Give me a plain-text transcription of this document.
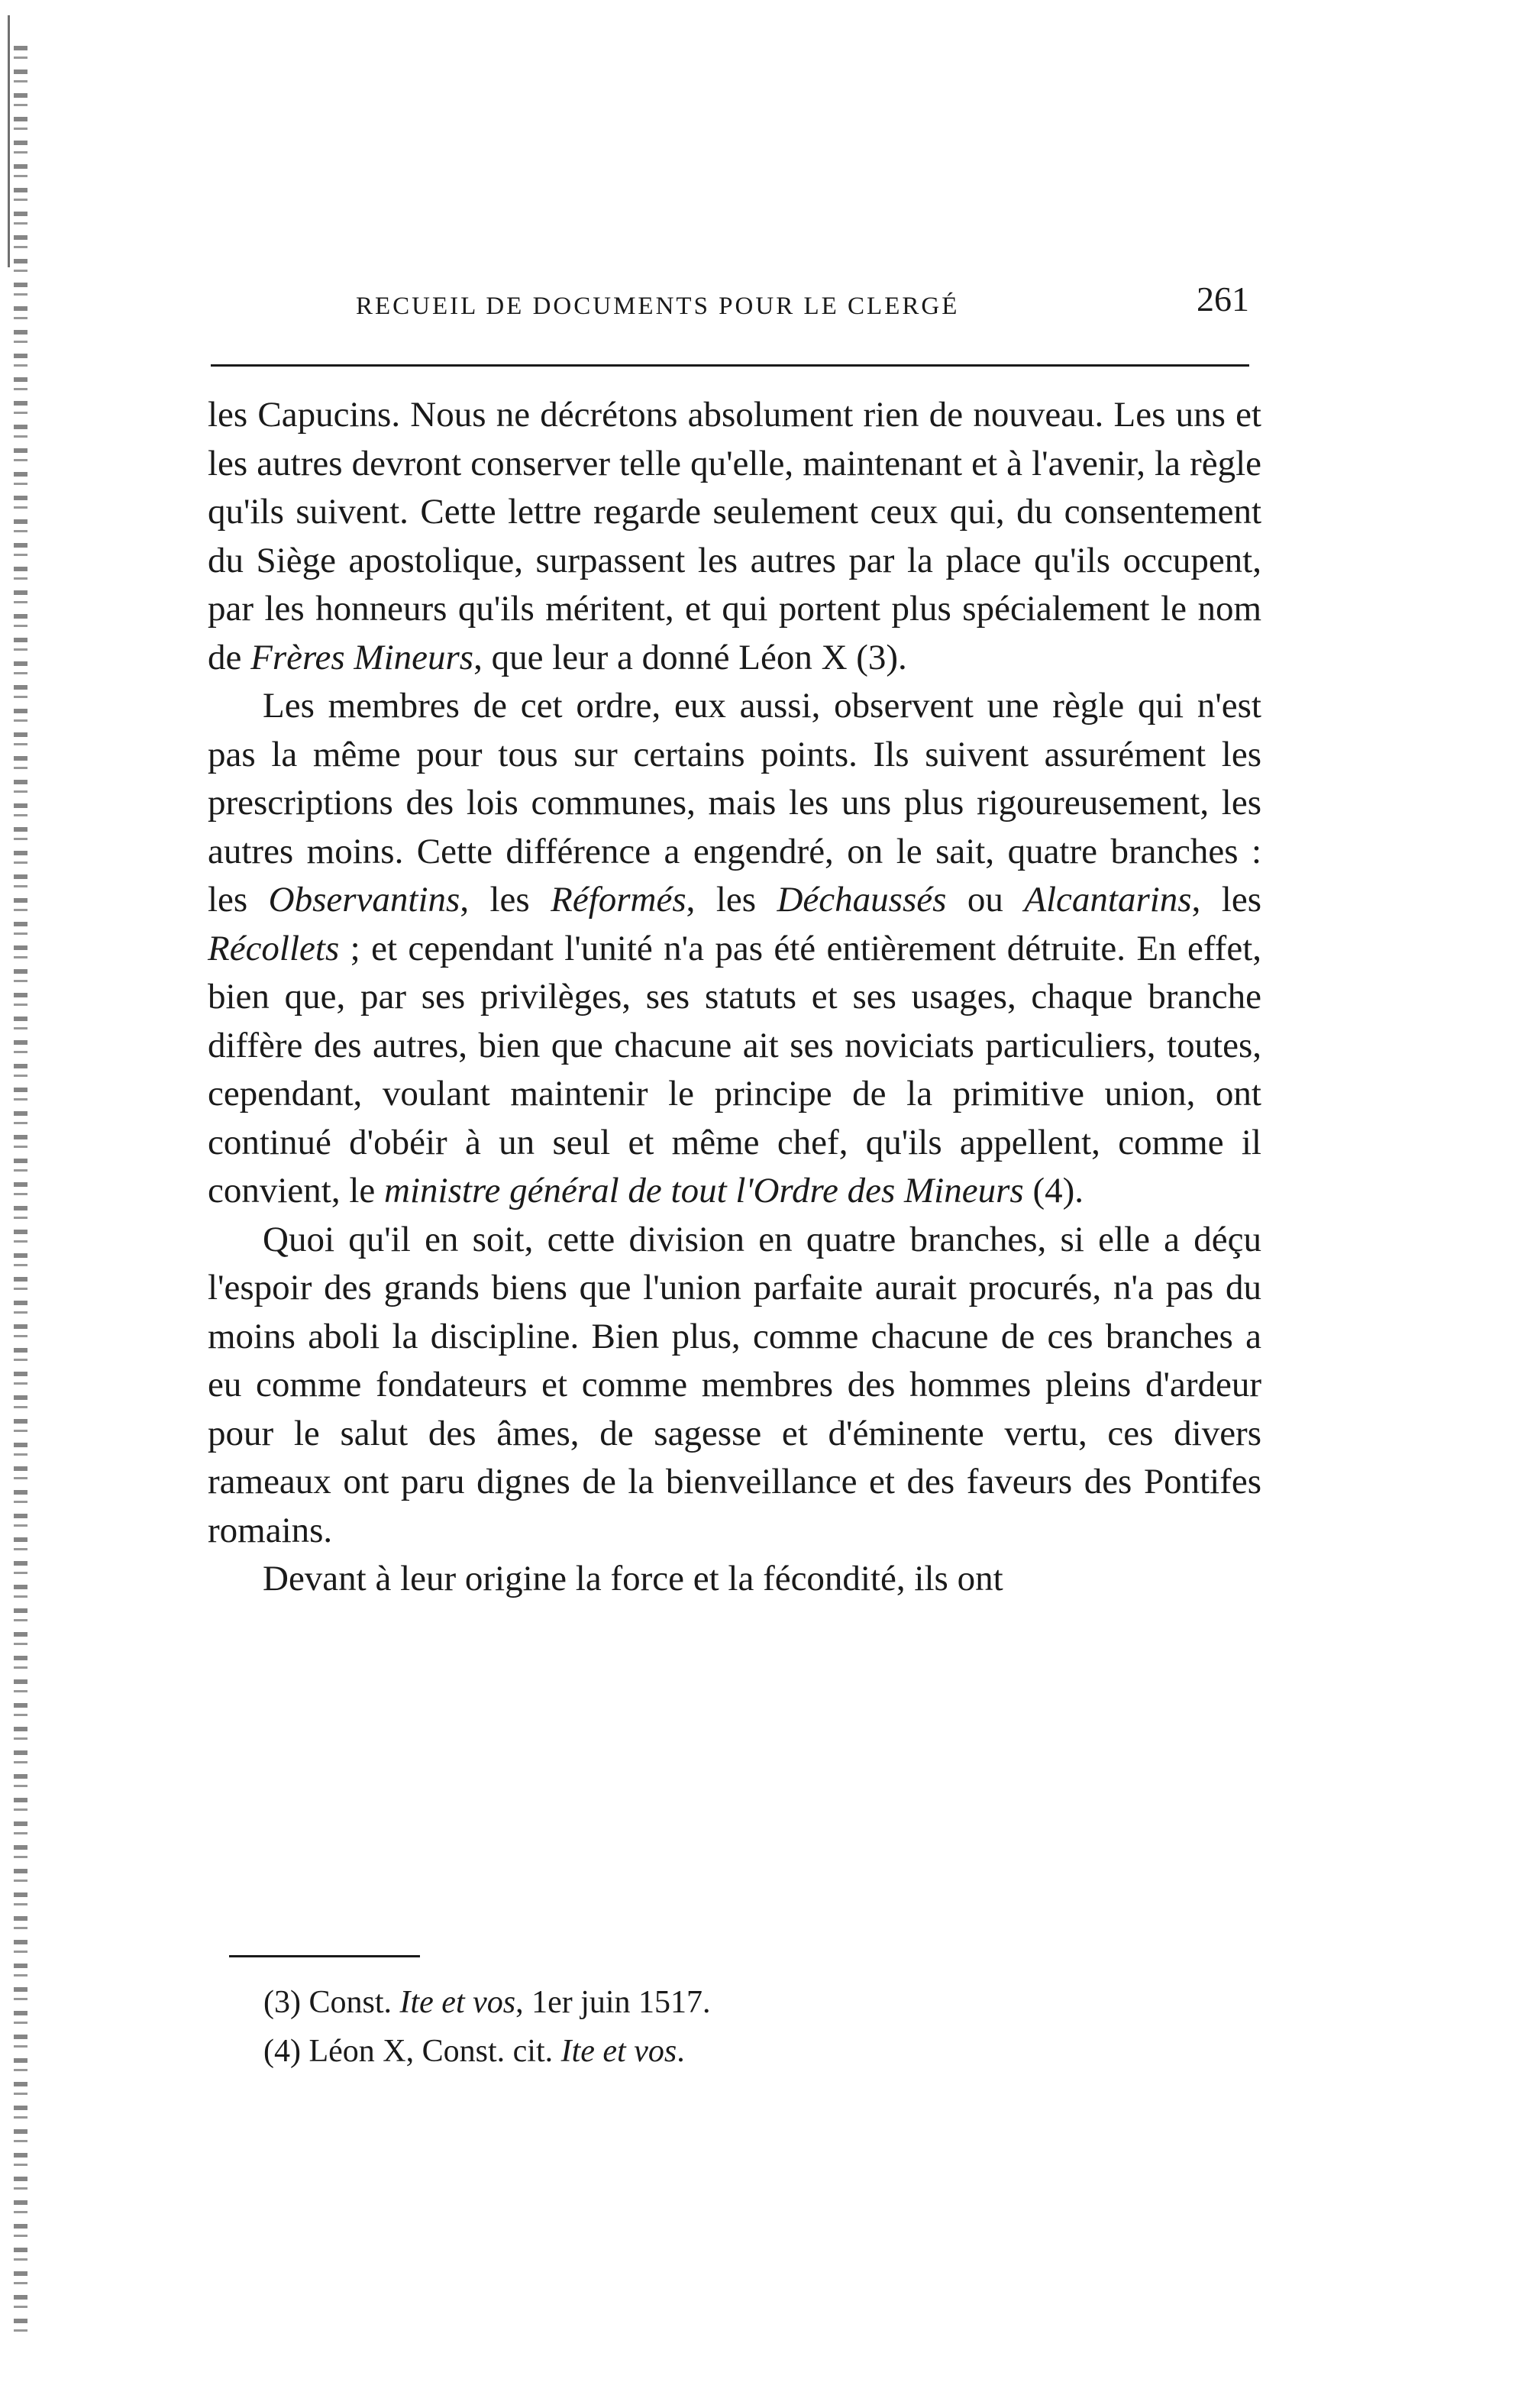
RECUEIL DE DOCUMENTS POUR LE CLERGÉ	261

les Capucins. Nous ne décrétons absolument rien de nouveau. Les uns et les autres devront conserver telle qu'elle, maintenant et à l'avenir, la règle qu'ils suivent. Cette lettre regarde seulement ceux qui, du consentement du Siège apostolique, surpassent les autres par la place qu'ils occupent, par les honneurs qu'ils méritent, et qui portent plus spécialement le nom de Frères Mineurs, que leur a donné Léon X (3).

Les membres de cet ordre, eux aussi, observent une règle qui n'est pas la même pour tous sur certains points. Ils suivent assurément les prescriptions des lois communes, mais les uns plus rigoureusement, les autres moins. Cette différence a engendré, on le sait, quatre branches : les Observantins, les Réformés, les Déchaussés ou Alcantarins, les Récollets ; et cependant l'unité n'a pas été entièrement détruite. En effet, bien que, par ses privilèges, ses statuts et ses usages, chaque branche diffère des autres, bien que chacune ait ses noviciats particuliers, toutes, cependant, voulant maintenir le principe de la primitive union, ont continué d'obéir à un seul et même chef, qu'ils appellent, comme il convient, le ministre général de tout l'Ordre des Mineurs (4).

Quoi qu'il en soit, cette division en quatre branches, si elle a déçu l'espoir des grands biens que l'union parfaite aurait procurés, n'a pas du moins aboli la discipline. Bien plus, comme chacune de ces branches a eu comme fondateurs et comme membres des hommes pleins d'ardeur pour le salut des âmes, de sagesse et d'éminente vertu, ces divers rameaux ont paru dignes de la bienveillance et des faveurs des Pontifes romains.

Devant à leur origine la force et la fécondité, ils ont

(3) Const. Ite et vos, 1er juin 1517.
(4) Léon X, Const. cit. Ite et vos.
